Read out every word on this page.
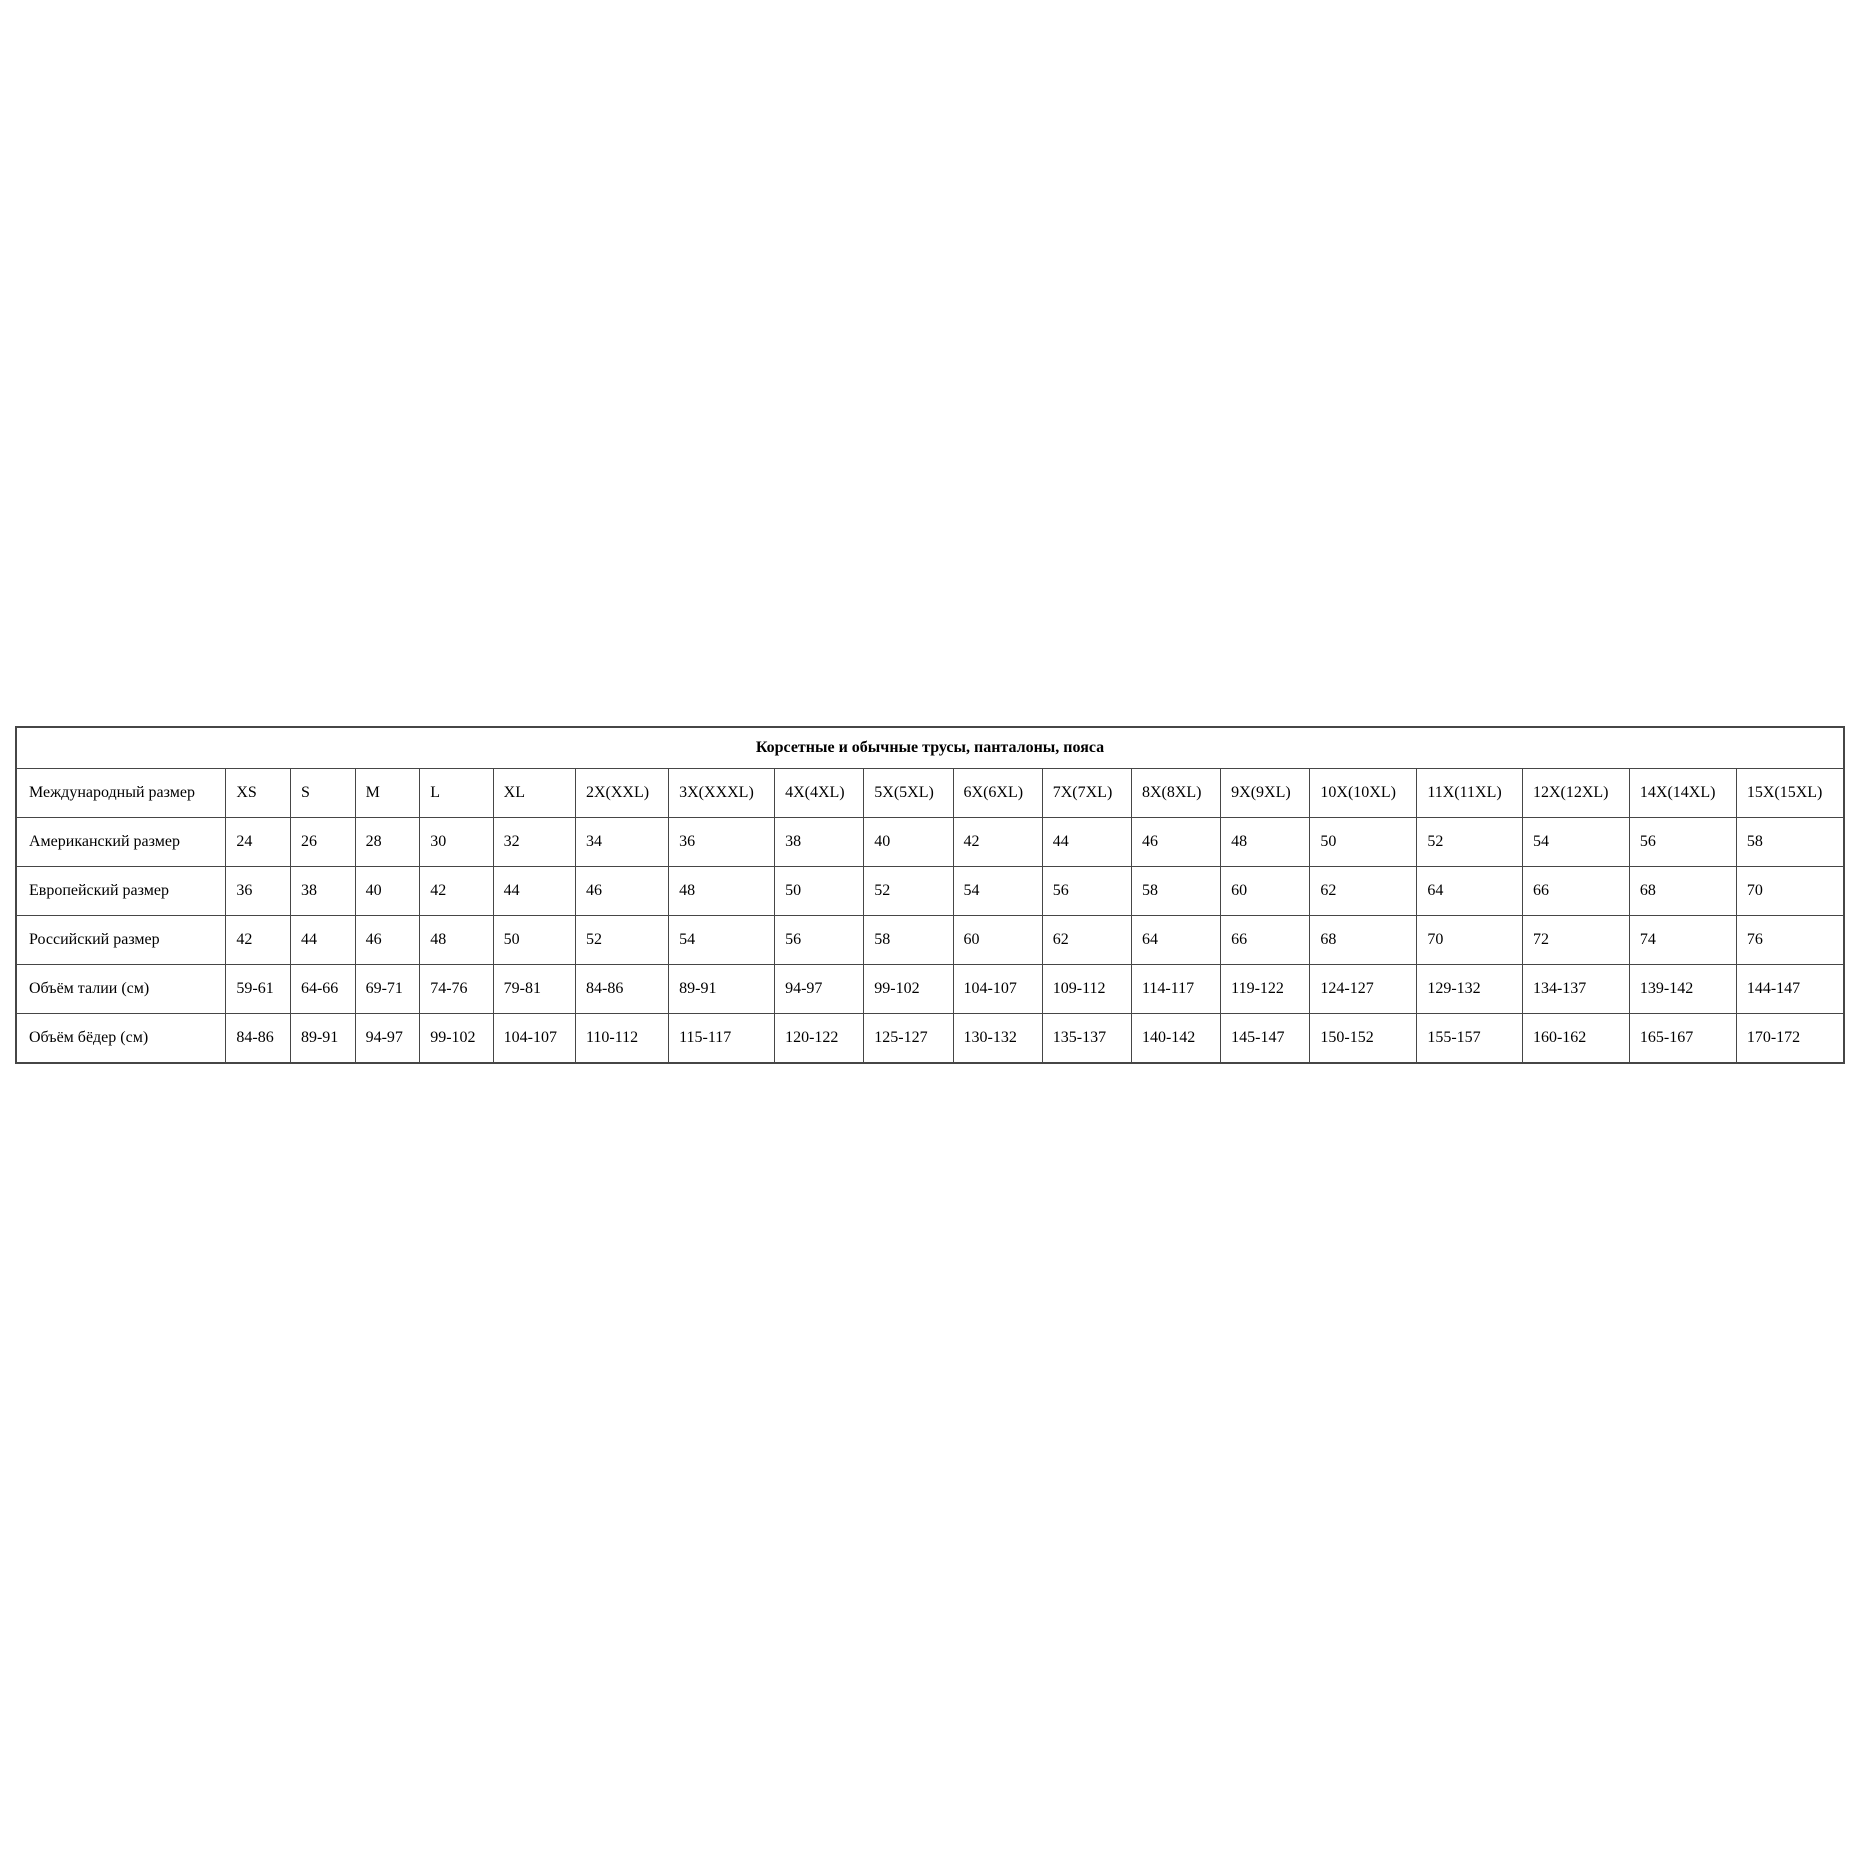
Корсетные и обычные трусы, панталоны, пояса																		
Международный размер	XS	S	M	L	XL	2X(XXL)	3X(XXXL)	4X(4XL)	5X(5XL)	6X(6XL)	7X(7XL)	8X(8XL)	9X(9XL)	10X(10XL)	11X(11XL)	12X(12XL)	14X(14XL)	15X(15XL)
Американский размер	24	26	28	30	32	34	36	38	40	42	44	46	48	50	52	54	56	58
Европейский размер	36	38	40	42	44	46	48	50	52	54	56	58	60	62	64	66	68	70
Российский размер	42	44	46	48	50	52	54	56	58	60	62	64	66	68	70	72	74	76
Объём талии (см)	59-61	64-66	69-71	74-76	79-81	84-86	89-91	94-97	99-102	104-107	109-112	114-117	119-122	124-127	129-132	134-137	139-142	144-147
Объём бёдер (см)	84-86	89-91	94-97	99-102	104-107	110-112	115-117	120-122	125-127	130-132	135-137	140-142	145-147	150-152	155-157	160-162	165-167	170-172
